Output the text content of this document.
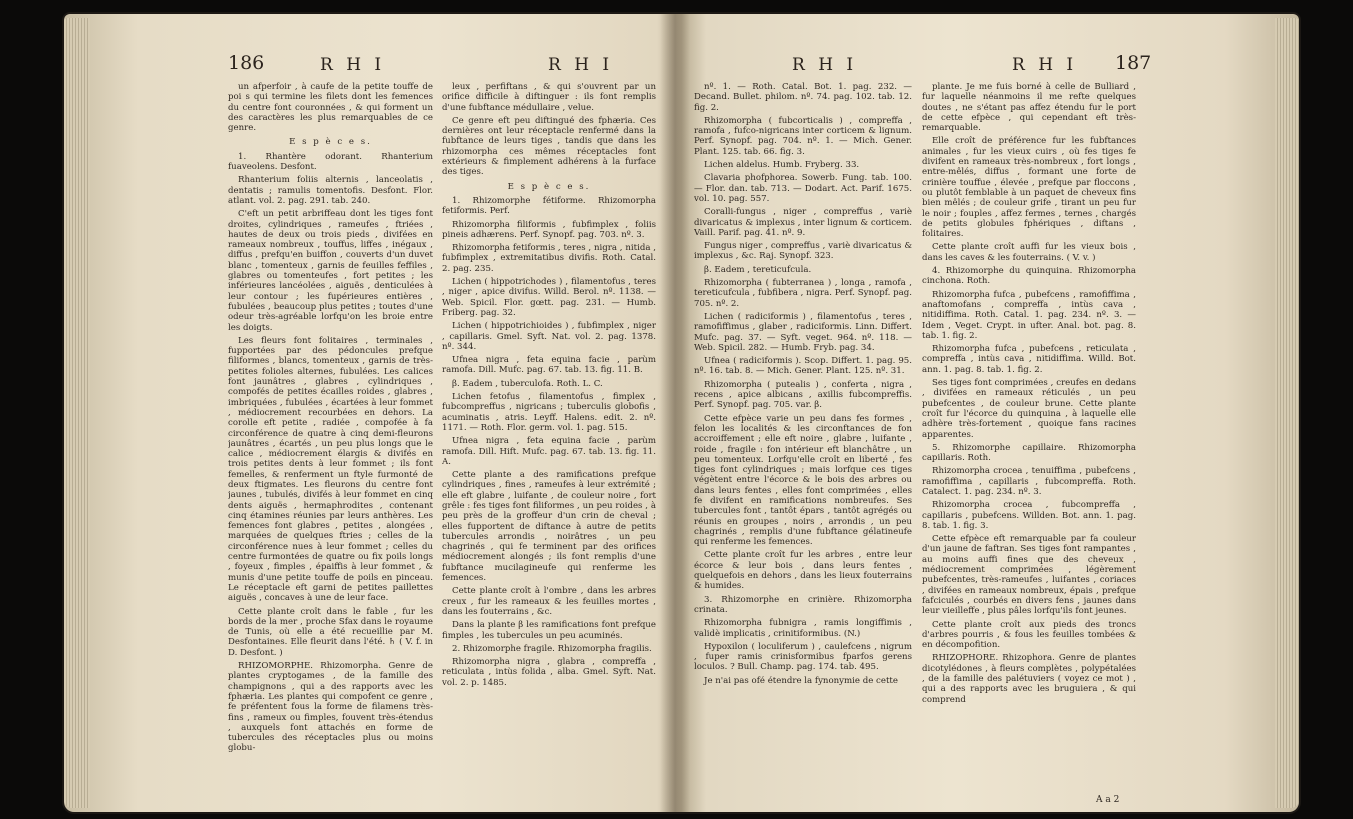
186	R H I	R H I

un afperfoir , à caufe de la petite touffe de poi s qui termine les filets dont les femences du centre font couronnées , & qui forment un des caractères les plus remarquables de ce genre.

E s p è c e s.

1. Rhantère odorant. Rhanterium fuaveolens. Desfont.

Rhanterium foliis alternis , lanceolatis , dentatis ; ramulis tomentofis. Desfont. Flor. atlant. vol. 2. pag. 291. tab. 240.

C'eft un petit arbriffeau dont les tiges font droites, cylindriques , rameufes , ftriées , hautes de deux ou trois pieds , divifées en rameaux nombreux , touffus, liffes , inégaux , diffus , prefqu'en buiffon , couverts d'un duvet blanc , tomenteux , garnis de feuilles feffiles , glabres ou tomenteufes , fort petites ; les inférieures lancéolées , aiguës , denticulées à leur contour ; les fupérieures entières , fubulées , beaucoup plus petites ; toutes d'une odeur très-agréable lorfqu'on les broie entre les doigts.

Les fleurs font folitaires , terminales , fupportées par des pédoncules prefque filiformes , blancs, tomenteux , garnis de très-petites folioles alternes, fubulées. Les calices font jaunâtres , glabres , cylindriques , compofés de petites écailles roides , glabres , imbriquées , fubulées , écartées à leur fommet , médiocrement recourbées en dehors. La corolle eft petite , radiée , compofée à fa circonférence de quatre à cinq demi-fleurons jaunâtres , écartés , un peu plus longs que le calice , médiocrement élargis & divifés en trois petites dents à leur fommet ; ils font femelles, & renferment un ftyle furmonté de deux ftigmates. Les fleurons du centre font jaunes , tubulés, divifés à leur fommet en cinq dents aiguës , hermaphrodites , contenant cinq étamines réunies par leurs anthères. Les femences font glabres , petites , alongées , marquées de quelques ftries ; celles de la circonférence nues à leur fommet ; celles du centre furmontées de quatre ou fix poils longs , foyeux , fimples , épaiffis à leur fommet , & munis d'une petite touffe de poils en pinceau. Le réceptacle eft garni de petites paillettes aiguës , concaves à une de leur face.

Cette plante croît dans le fable , fur les bords de la mer , proche Sfax dans le royaume de Tunis, où elle a été recueillie par M. Desfontaines. Elle fleurit dans l'été. ♄ ( V. f. in D. Desfont. )

RHIZOMORPHE. Rhizomorpha. Genre de plantes cryptogames , de la famille des champignons , qui a des rapports avec les fphæria. Les plantes qui compofent ce genre , fe préfentent fous la forme de filamens très-fins , rameux ou fimples, fouvent très-étendus , auxquels font attachés en forme de tubercules des réceptacles plus ou moins globu-

leux , perfiftans , & qui s'ouvrent par un orifice difficile à diftinguer : ils font remplis d'une fubftance médullaire , velue.

Ce genre eft peu diftingué des fphæria. Ces dernières ont leur réceptacle renfermé dans la fubftance de leurs tiges , tandis que dans les rhizomorpha ces mêmes réceptacles font extérieurs & fimplement adhérens à la furface des tiges.

E s p è c e s.

1. Rhizomorphe fétiforme. Rhizomorpha fetiformis. Perf.

Rhizomorpha filiformis , fubfimplex , foliis pineis adhærens. Perf. Synopf. pag. 703. nº. 3.

Rhizomorpha fetiformis , teres , nigra , nitida , fubfimplex , extremitatibus divifis. Roth. Catal. 2. pag. 235.

Lichen ( hippotrichodes ) , filamentofus , teres , niger , apice divifus. Willd. Berol. nº. 1138. — Web. Spicil. Flor. gœtt. pag. 231. — Humb. Friberg. pag. 32.

Lichen ( hippotrichioides ) , fubfimplex , niger , capillaris. Gmel. Syft. Nat. vol. 2. pag. 1378. nº. 344.

Ufnea nigra , feta equina facie , parùm ramofa. Dill. Mufc. pag. 67. tab. 13. fig. 11. B.

β. Eadem , tuberculofa. Roth. L. C.

Lichen fetofus , filamentofus , fimplex , fubcompreffus , nigricans ; tuberculis globofis , acuminatis , atris. Leyff. Halens. edit. 2. nº. 1171. — Roth. Flor. germ. vol. 1. pag. 515.

Ufnea nigra , feta equina facie , parùm ramofa. Dill. Hift. Mufc. pag. 67. tab. 13. fig. 11. A.

Cette plante a des ramifications prefque cylindriques , fines , rameufes à leur extrémité ; elle eft glabre , luifante , de couleur noire , fort grêle : fes tiges font filiformes , un peu roides , à peu près de la groffeur d'un crin de cheval ; elles fupportent de diftance à autre de petits tubercules arrondis , noirâtres , un peu chagrinés , qui fe terminent par des orifices médiocrement alongés ; ils font remplis d'une fubftance mucilagineufe qui renferme les femences.

Cette plante croît à l'ombre , dans les arbres creux , fur les rameaux & les feuilles mortes , dans les fouterrains , &c.

Dans la plante β les ramifications font prefque fimples , les tubercules un peu acuminés.

2. Rhizomorphe fragile. Rhizomorpha fragilis.

Rhizomorpha nigra , glabra , compreffa , reticulata , intùs folida , alba. Gmel. Syft. Nat. vol. 2. p. 1485.

R H I	R H I 187

nº. 1. — Roth. Catal. Bot. 1. pag. 232. — Decand. Bullet. philom. nº. 74. pag. 102. tab. 12. fig. 2.

Rhizomorpha ( fubcorticalis ) , compreffa , ramofa , fufco-nigricans inter corticem & lignum. Perf. Synopf. pag. 704. nº. 1. — Mich. Gener. Plant. 125. tab. 66. fig. 3.

Lichen aldelus. Humb. Fryberg. 33.

Clavaria phofphorea. Sowerb. Fung. tab. 100. — Flor. dan. tab. 713. — Dodart. Act. Parif. 1675. vol. 10. pag. 557.

Coralli-fungus , niger , compreffus , variè divaricatus & implexus , inter lignum & corticem. Vaill. Parif. pag. 41. nº. 9.

Fungus niger , compreffus , variè divaricatus & implexus , &c. Raj. Synopf. 323.

β. Eadem , tereticufcula.

Rhizomorpha ( fubterranea ) , longa , ramofa , tereticufcula , fubfibera , nigra. Perf. Synopf. pag. 705. nº. 2.

Lichen ( radiciformis ) , filamentofus , teres , ramofiffimus , glaber , radiciformis. Linn. Differt. Mufc. pag. 37. — Syft. veget. 964. nº. 118. — Web. Spicil. 282. — Humb. Fryb. pag. 34.

Ufnea ( radiciformis ). Scop. Differt. 1. pag. 95. nº. 16. tab. 8. — Mich. Gener. Plant. 125. nº. 31.

Rhizomorpha ( putealis ) , conferta , nigra , recens , apice albicans , axillis fubcompreffis. Perf. Synopf. pag. 705. var. β.

Cette efpèce varie un peu dans fes formes , felon les localités & les circonftances de fon accroiffement ; elle eft noire , glabre , luifante , roide , fragile : fon intérieur eft blanchâtre , un peu tomenteux. Lorfqu'elle croît en liberté , fes tiges font cylindriques ; mais lorfque ces tiges végètent entre l'écorce & le bois des arbres ou dans leurs fentes , elles font comprimées , elles fe divifent en ramifications nombreufes. Ses tubercules font , tantôt épars , tantôt agrégés ou réunis en groupes , noirs , arrondis , un peu chagrinés , remplis d'une fubftance gélatineufe qui renferme les femences.

Cette plante croît fur les arbres , entre leur écorce & leur bois , dans leurs fentes , quelquefois en dehors , dans les lieux fouterrains & humides.

3. Rhizomorphe en crinière. Rhizomorpha crinata.

Rhizomorpha fubnigra , ramis longiffimis , validè implicatis , crinitiformibus. (N.)

Hypoxilon ( loculiferum ) , caulefcens , nigrum , fuper ramis crinisformibus fparfos gerens loculos. ? Bull. Champ. pag. 174. tab. 495.

Je n'ai pas ofé étendre la fynonymie de cette

plante. Je me fuis borné à celle de Bulliard , fur laquelle néanmoins il me refte quelques doutes , ne s'étant pas affez étendu fur le port de cette efpèce , qui cependant eft très-remarquable.

Elle croît de préférence fur les fubftances animales , fur les vieux cuirs , où fes tiges fe divifent en rameaux très-nombreux , fort longs , entre-mêlés, diffus , formant une forte de crinière touffue , élevée , prefque par floccons , ou plutôt femblable à un paquet de cheveux fins bien mêlés ; de couleur grife , tirant un peu fur le noir ; fouples , affez fermes , ternes , chargés de petits globules fphériques , diftans , folitaires.

Cette plante croît auffi fur les vieux bois , dans les caves & les fouterrains. ( V. v. )

4. Rhizomorphe du quinquina. Rhizomorpha cinchona. Roth.

Rhizomorpha fufca , pubefcens , ramofiffima , anaftomofans , compreffa , intùs cava , nitidiffima. Roth. Catal. 1. pag. 234. nº. 3. — Idem , Veget. Crypt. in ufter. Anal. bot. pag. 8. tab. 1. fig. 2.

Rhizomorpha fufca , pubefcens , reticulata , compreffa , intùs cava , nitidiffima. Willd. Bot. ann. 1. pag. 8. tab. 1. fig. 2.

Ses tiges font comprimées , creufes en dedans , divifées en rameaux réticulés , un peu pubefcentes , de couleur brune. Cette plante croît fur l'écorce du quinquina , à laquelle elle adhère très-fortement , quoique fans racines apparentes.

5. Rhizomorphe capillaire. Rhizomorpha capillaris. Roth.

Rhizomorpha crocea , tenuiffima , pubefcens , ramofiffima , capillaris , fubcompreffa. Roth. Catalect. 1. pag. 234. nº. 3.

Rhizomorpha crocea , fubcompreffa , capillaris , pubefcens. Willden. Bot. ann. 1. pag. 8. tab. 1. fig. 3.

Cette efpèce eft remarquable par fa couleur d'un jaune de faftran. Ses tiges font rampantes , au moins auffi fines que des cheveux , médiocrement comprimées , légèrement pubefcentes, très-rameufes , luifantes , coriaces , divifées en rameaux nombreux, épais , prefque fafciculés , courbés en divers fens , jaunes dans leur vieilleffe , plus pâles lorfqu'ils font jeunes.

Cette plante croît aux pieds des troncs d'arbres pourris , & fous les feuilles tombées & en décompofition.

RHIZOPHORE. Rhizophora. Genre de plantes dicotylédones , à fleurs complètes , polypétalées , de la famille des palétuviers ( voyez ce mot ) , qui a des rapports avec les bruguiera , & qui comprend

A a 2
